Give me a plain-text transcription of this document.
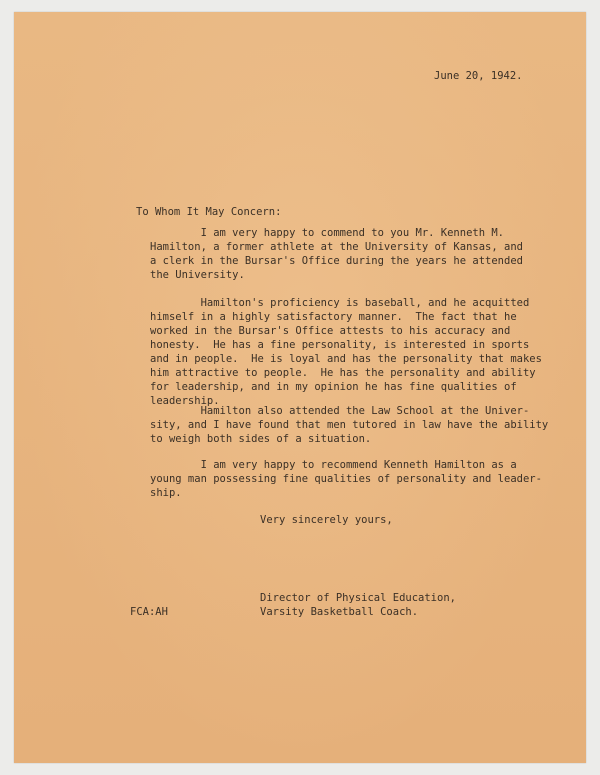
June 20, 1942.
To Whom It May Concern:
I am very happy to commend to you Mr. Kenneth M.
Hamilton, a former athlete at the University of Kansas, and
a clerk in the Bursar's Office during the years he attended
the University.
Hamilton's proficiency is baseball, and he acquitted
himself in a highly satisfactory manner.  The fact that he
worked in the Bursar's Office attests to his accuracy and
honesty.  He has a fine personality, is interested in sports
and in people.  He is loyal and has the personality that makes
him attractive to people.  He has the personality and ability
for leadership, and in my opinion he has fine qualities of
leadership.
Hamilton also attended the Law School at the Univer-
sity, and I have found that men tutored in law have the ability
to weigh both sides of a situation.
I am very happy to recommend Kenneth Hamilton as a
young man possessing fine qualities of personality and leader-
ship.
Very sincerely yours,
Director of Physical Education,
Varsity Basketball Coach.
FCA:AH
